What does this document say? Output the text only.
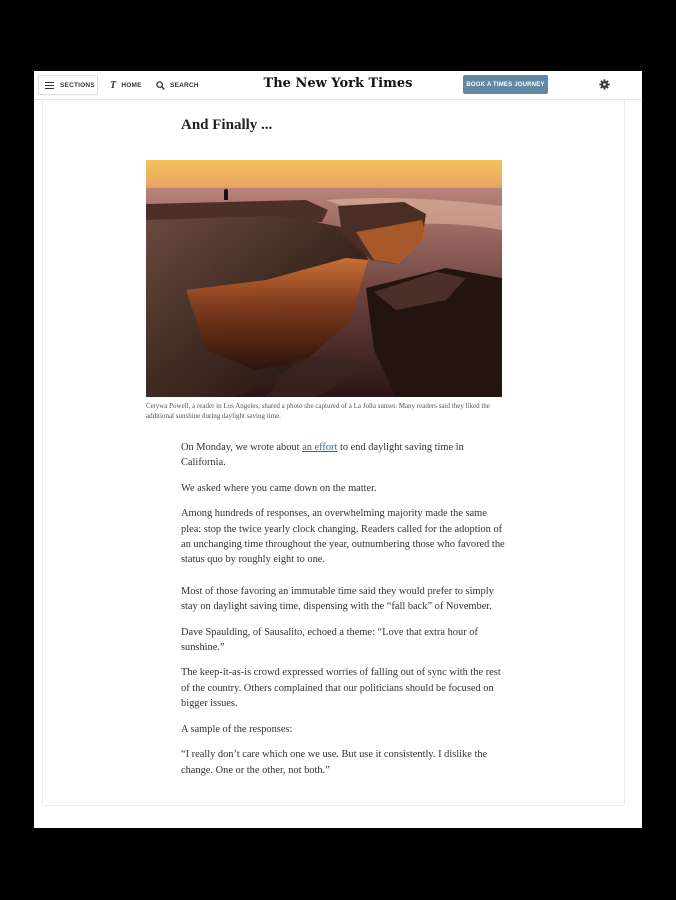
SECTIONS T HOME	SEARCH	The New York Times	BOOK A TIMES JOURNEY
And Finally ...
Cetywa Powell, a reader in Los Angeles, shared a photo she captured of a La Jolla sunset. Many readers said they liked the additional sunshine during daylight saving time.

On Monday, we wrote about an effort to end daylight saving time in California.

We asked where you came down on the matter.

Among hundreds of responses, an overwhelming majority made the same plea: stop the twice yearly clock changing. Readers called for the adoption of an unchanging time throughout the year, outnumbering those who favored the status quo by roughly eight to one.

Most of those favoring an immutable time said they would prefer to simply stay on daylight saving time, dispensing with the “fall back” of November.

Dave Spaulding, of Sausalito, echoed a theme: “Love that extra hour of sunshine.”

The keep-it-as-is crowd expressed worries of falling out of sync with the rest of the country. Others complained that our politicians should be focused on bigger issues.

A sample of the responses:

“I really don’t care which one we use. But use it consistently. I dislike the change. One or the other, not both.”
